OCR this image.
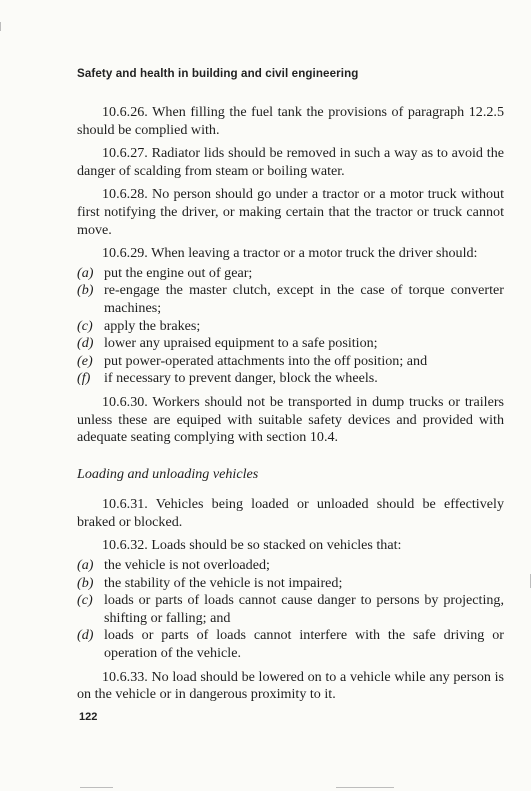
Safety and health in building and civil engineering

10.6.26. When filling the fuel tank the provisions of paragraph 12.2.5 should be complied with.

10.6.27. Radiator lids should be removed in such a way as to avoid the danger of scalding from steam or boiling water.

10.6.28. No person should go under a tractor or a motor truck without first notifying the driver, or making certain that the tractor or truck cannot move.

10.6.29. When leaving a tractor or a motor truck the driver should:

(a) put the engine out of gear;
(b) re-engage the master clutch, except in the case of torque converter machines;
(c) apply the brakes;
(d) lower any upraised equipment to a safe position;
(e) put power-operated attachments into the off position; and
(f) if necessary to prevent danger, block the wheels.

10.6.30. Workers should not be transported in dump trucks or trailers unless these are equiped with suitable safety devices and provided with adequate seating complying with section 10.4.

Loading and unloading vehicles

10.6.31. Vehicles being loaded or unloaded should be effectively braked or blocked.

10.6.32. Loads should be so stacked on vehicles that:

(a) the vehicle is not overloaded;
(b) the stability of the vehicle is not impaired;
(c) loads or parts of loads cannot cause danger to persons by projecting, shifting or falling; and
(d) loads or parts of loads cannot interfere with the safe driving or operation of the vehicle.

10.6.33. No load should be lowered on to a vehicle while any person is on the vehicle or in dangerous proximity to it.

122
